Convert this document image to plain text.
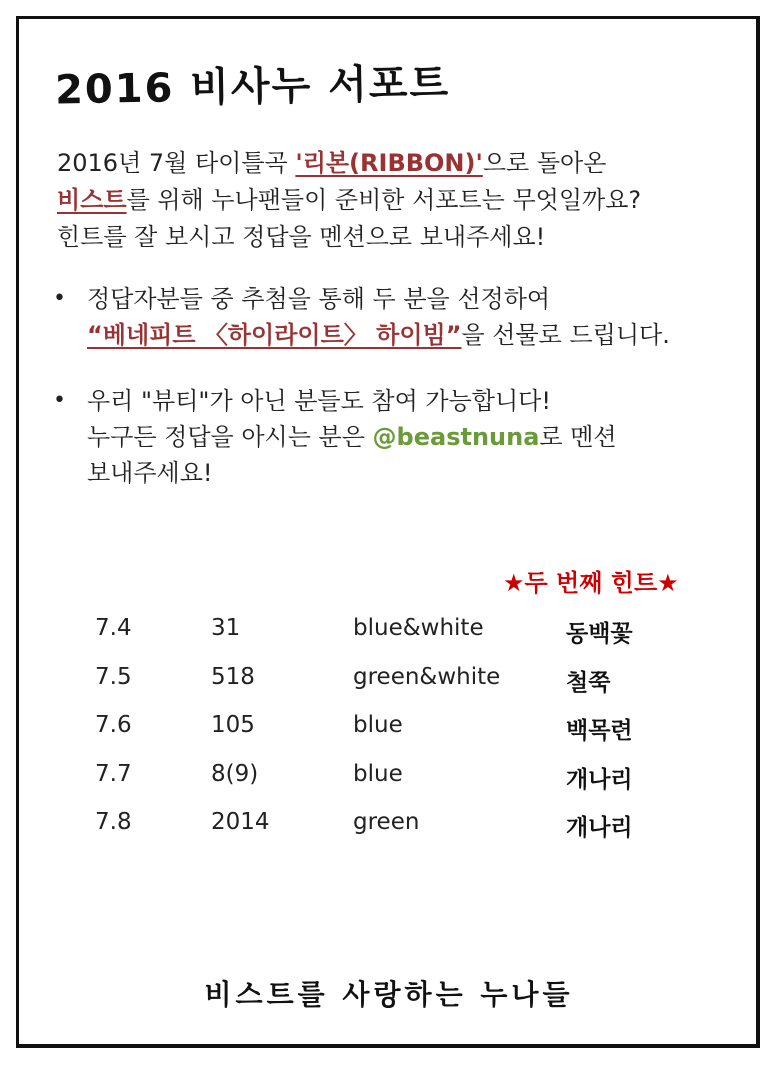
2016 비사누 서포트
2016년 7월 타이틀곡 '리본(RIBBON)'으로 돌아온
비스트를 위해 누나팬들이 준비한 서포트는 무엇일까요?
힌트를 잘 보시고 정답을 멘션으로 보내주세요!
• 정답자분들 중 추첨을 통해 두 분을 선정하여
“베네피트 〈하이라이트〉 하이빔”을 선물로 드립니다.
• 우리 "뷰티"가 아닌 분들도 참여 가능합니다!
누구든 정답을 아시는 분은 @beastnuna로 멘션
보내주세요!
★두 번째 힌트★
7.4	31	blue&white	동백꽃
7.5	518	green&white	철쭉
7.6	105	blue	백목련
7.7	8(9)	blue	개나리
7.8	2014	green	개나리
비스트를 사랑하는 누나들
